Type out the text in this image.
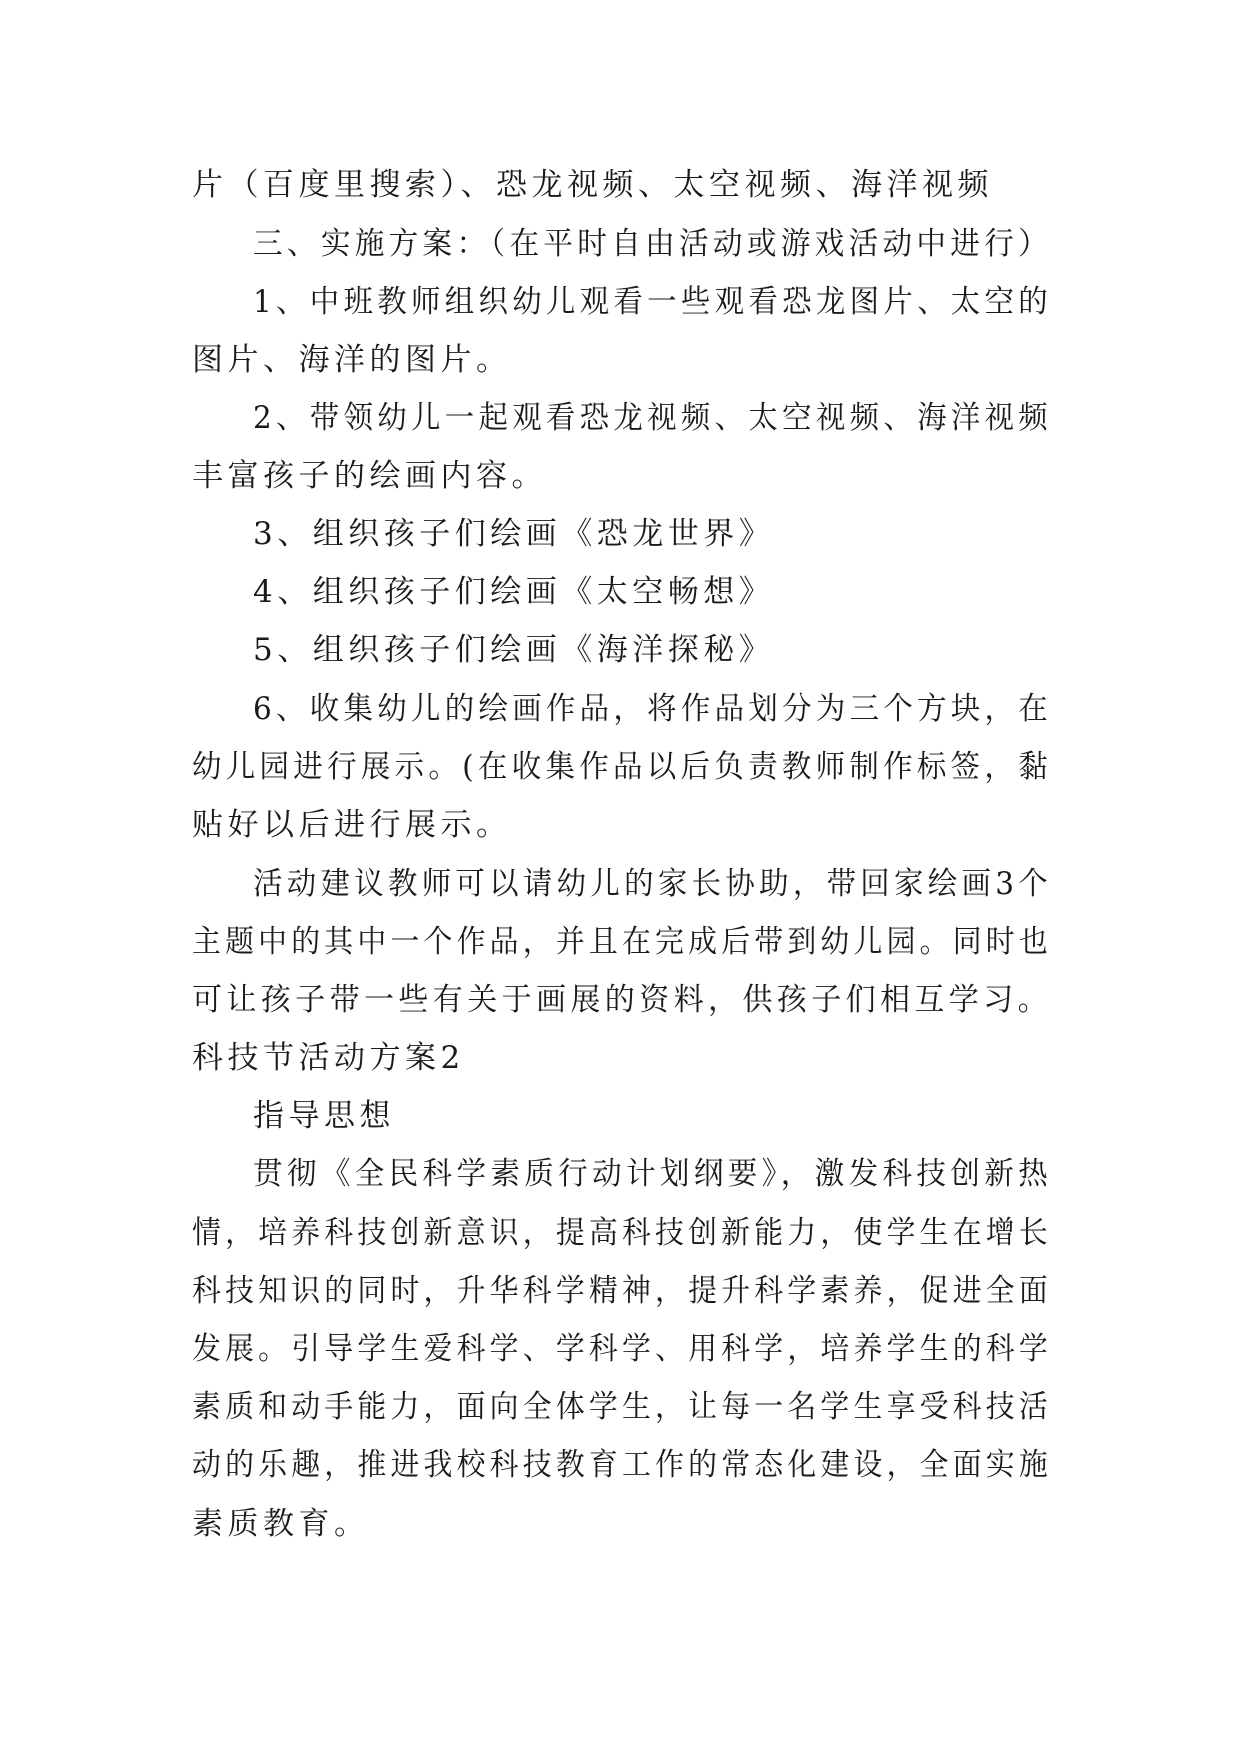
片（百度里搜索）、恐龙视频、太空视频、海洋视频
三、实施方案：（在平时自由活动或游戏活动中进行）
1、中班教师组织幼儿观看一些观看恐龙图片、太空的
图片、海洋的图片。
2、带领幼儿一起观看恐龙视频、太空视频、海洋视频
丰富孩子的绘画内容。
3、组织孩子们绘画《恐龙世界》
4、组织孩子们绘画《太空畅想》
5、组织孩子们绘画《海洋探秘》
6、收集幼儿的绘画作品，将作品划分为三个方块，在
幼儿园进行展示。(在收集作品以后负责教师制作标签，黏
贴好以后进行展示。
活动建议教师可以请幼儿的家长协助，带回家绘画3个
主题中的其中一个作品，并且在完成后带到幼儿园。同时也
可让孩子带一些有关于画展的资料，供孩子们相互学习。
科技节活动方案2
指导思想
贯彻《全民科学素质行动计划纲要》，激发科技创新热
情，培养科技创新意识，提高科技创新能力，使学生在增长
科技知识的同时，升华科学精神，提升科学素养，促进全面
发展。引导学生爱科学、学科学、用科学，培养学生的科学
素质和动手能力，面向全体学生，让每一名学生享受科技活
动的乐趣，推进我校科技教育工作的常态化建设，全面实施
素质教育。
